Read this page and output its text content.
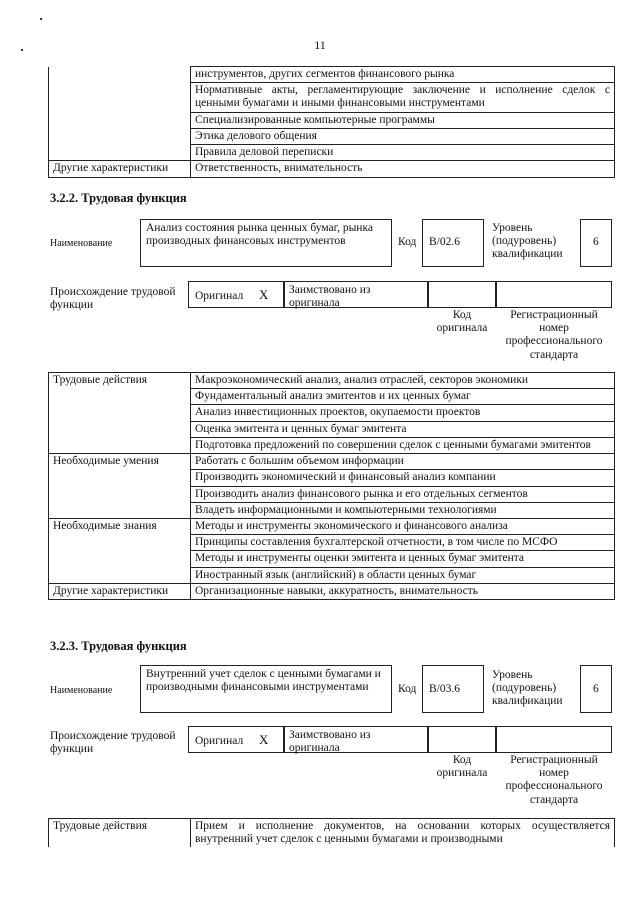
11
	инструментов, других сегментов финансового рынка
	Нормативные акты, регламентирующие заключение и исполнение сделок с ценными бумагами и иными финансовыми инструментами
	Специализированные компьютерные программы
	Этика делового общения
	Правила деловой переписки
Другие характеристики	Ответственность, внимательность
3.2.2. Трудовая функция
Наименование
Анализ состояния рынка ценных бумаг, рынка производных финансовых инструментов	Код B/02.6
Уровень (подуровень) квалификации
6
Происхождение трудовой функции
Оригинал X Заимствовано из оригинала
Код оригинала
Регистрационный номер профессионального стандарта
Трудовые действия	Макроэкономический анализ, анализ отраслей, секторов экономики
	Фундаментальный анализ эмитентов и их ценных бумаг
	Анализ инвестиционных проектов, окупаемости проектов
	Оценка эмитента и ценных бумаг эмитента
	Подготовка предложений по совершении сделок с ценными бумагами эмитентов
Необходимые умения	Работать с большим объемом информации
	Производить экономический и финансовый анализ компании
	Производить анализ финансового рынка и его отдельных сегментов
	Владеть информационными и компьютерными технологиями
Необходимые знания	Методы и инструменты экономического и финансового анализа
	Принципы составления бухгалтерской отчетности, в том числе по МСФО
	Методы и инструменты оценки эмитента и ценных бумаг эмитента
	Иностранный язык (английский) в области ценных бумаг
Другие характеристики	Организационные навыки, аккуратность, внимательность
3.2.3. Трудовая функция
Наименование
Внутренний учет сделок с ценными бумагами и производными финансовыми инструментами	Код B/03.6
Уровень (подуровень) квалификации
6
Происхождение трудовой функции
Оригинал X Заимствовано из оригинала
Код оригинала
Регистрационный номер профессионального стандарта
Трудовые действия	Прием и исполнение документов, на основании которых осуществляется внутренний учет сделок с ценными бумагами и производными
